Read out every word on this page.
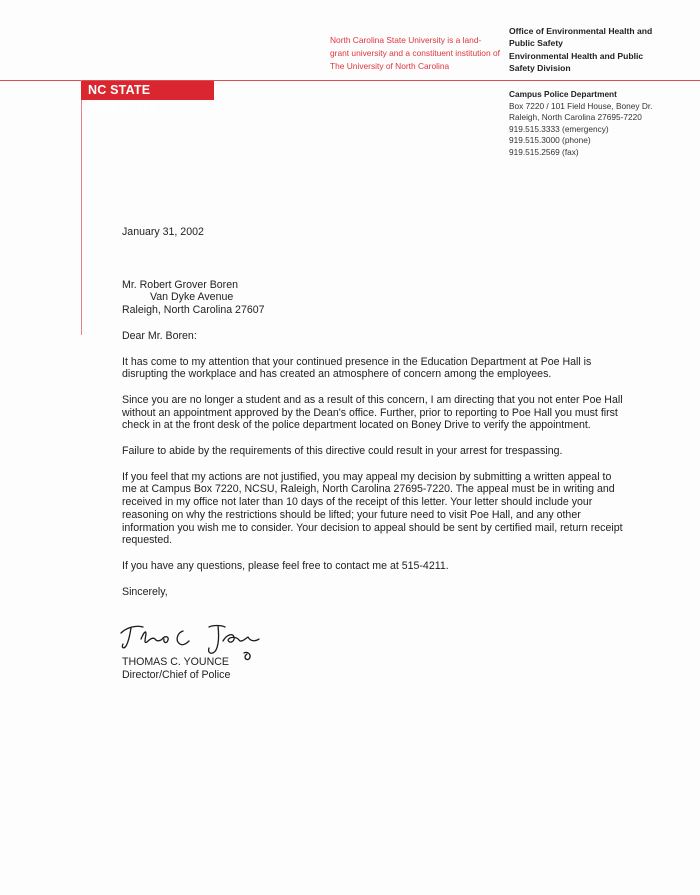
North Carolina State University is a land-grant university and a constituent institution of The University of North Carolina
Office of Environmental Health and
Public Safety
Environmental Health and Public
Safety Division
NC STATE UNIVERSITY
Campus Police Department
Box 7220 / 101 Field House, Boney Dr.
Raleigh, North Carolina 27695-7220
919.515.3333 (emergency)
919.515.3000 (phone)
919.515.2569 (fax)

January 31, 2002

Mr. Robert Grover Boren
Van Dyke Avenue
Raleigh, North Carolina 27607

Dear Mr. Boren:

It has come to my attention that your continued presence in the Education Department at Poe Hall is disrupting the workplace and has created an atmosphere of concern among the employees.

Since you are no longer a student and as a result of this concern, I am directing that you not enter Poe Hall without an appointment approved by the Dean's office. Further, prior to reporting to Poe Hall you must first check in at the front desk of the police department located on Boney Drive to verify the appointment.

Failure to abide by the requirements of this directive could result in your arrest for trespassing.

If you feel that my actions are not justified, you may appeal my decision by submitting a written appeal to me at Campus Box 7220, NCSU, Raleigh, North Carolina 27695-7220. The appeal must be in writing and received in my office not later than 10 days of the receipt of this letter. Your letter should include your reasoning on why the restrictions should be lifted; your future need to visit Poe Hall, and any other information you wish me to consider. Your decision to appeal should be sent by certified mail, return receipt requested.

If you have any questions, please feel free to contact me at 515-4211.

Sincerely,

THOMAS C. YOUNCE
Director/Chief of Police
